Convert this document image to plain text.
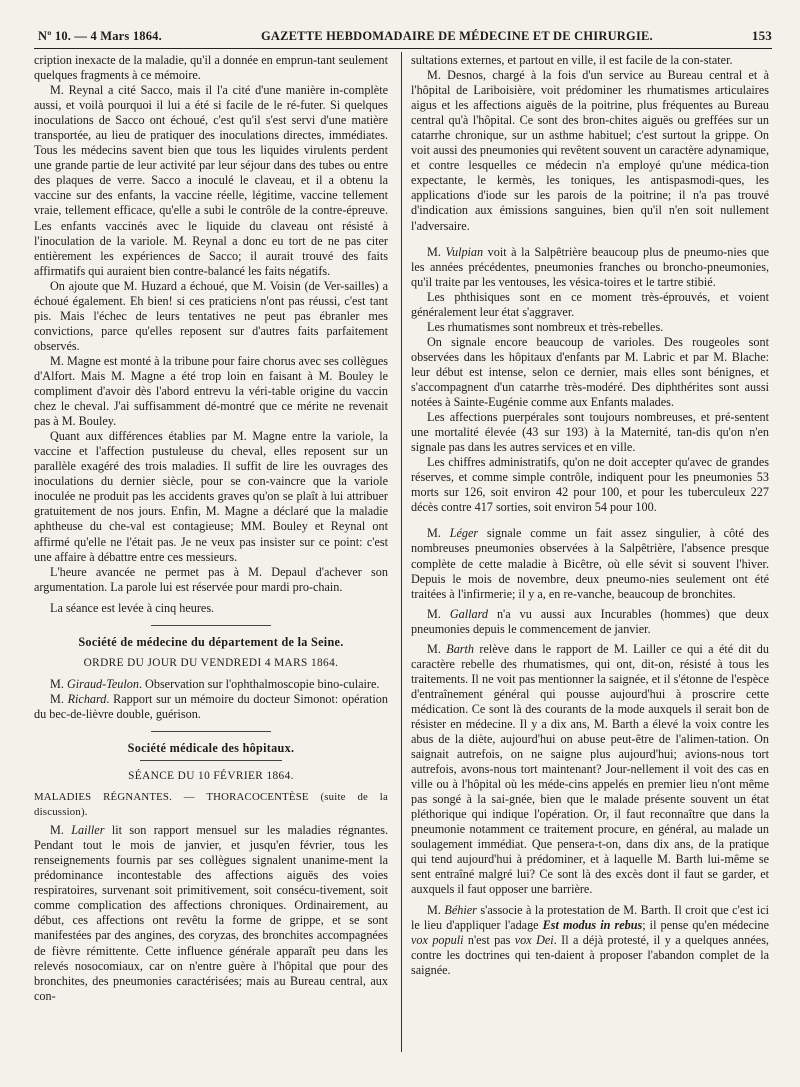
Nº 10. — 4 Mars 1864.	GAZETTE HEBDOMADAIRE DE MÉDECINE ET DE CHIRURGIE.	153

cription inexacte de la maladie, qu'il a donnée en emprun-tant seulement quelques fragments à ce mémoire.

M. Reynal a cité Sacco, mais il l'a cité d'une manière in-complète aussi, et voilà pourquoi il lui a été si facile de le ré-futer. Si quelques inoculations de Sacco ont échoué, c'est qu'il s'est servi d'une matière transportée, au lieu de pratiquer des inoculations directes, immédiates. Tous les médecins savent bien que tous les liquides virulents perdent une grande partie de leur activité par leur séjour dans des tubes ou entre des plaques de verre. Sacco a inoculé le claveau, et il a obtenu la vaccine sur des enfants, la vaccine réelle, légitime, vaccine tellement vraie, tellement efficace, qu'elle a subi le contrôle de la contre-épreuve. Les enfants vaccinés avec le liquide du claveau ont résisté à l'inoculation de la variole. M. Reynal a donc eu tort de ne pas citer entièrement les expériences de Sacco; il aurait trouvé des faits affirmatifs qui auraient bien contre-balancé les faits négatifs.

On ajoute que M. Huzard a échoué, que M. Voisin (de Ver-sailles) a échoué également. Eh bien! si ces praticiens n'ont pas réussi, c'est tant pis. Mais l'échec de leurs tentatives ne peut pas ébranler mes convictions, parce qu'elles reposent sur d'autres faits parfaitement observés.

M. Magne est monté à la tribune pour faire chorus avec ses collègues d'Alfort. Mais M. Magne a été trop loin en faisant à M. Bouley le compliment d'avoir dès l'abord entrevu la véri-table origine du vaccin chez le cheval. J'ai suffisamment dé-montré que ce mérite ne revenait pas à M. Bouley.

Quant aux différences établies par M. Magne entre la variole, la vaccine et l'affection pustuleuse du cheval, elles reposent sur un parallèle exagéré des trois maladies. Il suffit de lire les ouvrages des inoculations du dernier siècle, pour se con-vaincre que la variole inoculée ne produit pas les accidents graves qu'on se plaît à lui attribuer gratuitement de nos jours. Enfin, M. Magne a déclaré que la maladie aphtheuse du che-val est contagieuse; MM. Bouley et Reynal ont affirmé qu'elle ne l'était pas. Je ne veux pas insister sur ce point: c'est une affaire à débattre entre ces messieurs.

L'heure avancée ne permet pas à M. Depaul d'achever son argumentation. La parole lui est réservée pour mardi pro-chain.

La séance est levée à cinq heures.

Société de médecine du département de la Seine.
ORDRE DU JOUR DU VENDREDI 4 MARS 1864.

M. Giraud-Teulon. Observation sur l'ophthalmoscopie bino-culaire.

M. Richard. Rapport sur un mémoire du docteur Simonot: opération du bec-de-lièvre double, guérison.

Société médicale des hôpitaux.
SÉANCE DU 10 FÉVRIER 1864.
MALADIES RÉGNANTES. — THORACOCENTÈSE (suite de la discussion).

M. Lailler lit son rapport mensuel sur les maladies régnantes. Pendant tout le mois de janvier, et jusqu'en février, tous les renseignements fournis par ses collègues signalent unanime-ment la prédominance incontestable des affections aiguës des voies respiratoires, survenant soit primitivement, soit consécu-tivement, soit comme complication des affections chroniques. Ordinairement, au début, ces affections ont revêtu la forme de grippe, et se sont manifestées par des angines, des coryzas, des bronchites accompagnées de fièvre rémittente. Cette influence générale apparaît peu dans les relevés nosocomiaux, car on n'entre guère à l'hôpital que pour des bronchites, des pneumonies caractérisées; mais au Bureau central, aux con-

sultations externes, et partout en ville, il est facile de la con-stater.

M. Desnos, chargé à la fois d'un service au Bureau central et à l'hôpital de Lariboisière, voit prédominer les rhumatismes articulaires aigus et les affections aiguës de la poitrine, plus fréquentes au Bureau central qu'à l'hôpital. Ce sont des bron-chites aiguës ou greffées sur un catarrhe chronique, sur un asthme habituel; c'est surtout la grippe. On voit aussi des pneumonies qui revêtent souvent un caractère adynamique, et contre lesquelles ce médecin n'a employé qu'une médica-tion expectante, le kermès, les toniques, les antispasmodi-ques, les applications d'iode sur les parois de la poitrine; il n'a pas trouvé d'indication aux émissions sanguines, bien qu'il n'en soit nullement l'adversaire.

M. Vulpian voit à la Salpêtrière beaucoup plus de pneumo-nies que les années précédentes, pneumonies franches ou broncho-pneumonies, qu'il traite par les ventouses, les vésica-toires et le tartre stibié.

Les phthisiques sont en ce moment très-éprouvés, et voient généralement leur état s'aggraver.

Les rhumatismes sont nombreux et très-rebelles.

On signale encore beaucoup de varioles. Des rougeoles sont observées dans les hôpitaux d'enfants par M. Labric et par M. Blache: leur début est intense, selon ce dernier, mais elles sont bénignes, et s'accompagnent d'un catarrhe très-modéré. Des diphthérites sont aussi notées à Sainte-Eugénie comme aux Enfants malades.

Les affections puerpérales sont toujours nombreuses, et pré-sentent une mortalité élevée (43 sur 193) à la Maternité, tan-dis qu'on n'en signale pas dans les autres services et en ville.

Les chiffres administratifs, qu'on ne doit accepter qu'avec de grandes réserves, et comme simple contrôle, indiquent pour les pneumonies 53 morts sur 126, soit environ 42 pour 100, et pour les tuberculeux 227 décès contre 417 sorties, soit environ 54 pour 100.

M. Léger signale comme un fait assez singulier, à côté des nombreuses pneumonies observées à la Salpêtrière, l'absence presque complète de cette maladie à Bicêtre, où elle sévit si souvent l'hiver. Depuis le mois de novembre, deux pneumo-nies seulement ont été traitées à l'infirmerie; il y a, en re-vanche, beaucoup de bronchites.

M. Gallard n'a vu aussi aux Incurables (hommes) que deux pneumonies depuis le commencement de janvier.

M. Barth relève dans le rapport de M. Lailler ce qui a été dit du caractère rebelle des rhumatismes, qui ont, dit-on, résisté à tous les traitements. Il ne voit pas mentionner la saignée, et il s'étonne de l'espèce d'entraînement général qui pousse aujourd'hui à proscrire cette médication. Ce sont là des courants de la mode auxquels il serait bon de résister en médecine. Il y a dix ans, M. Barth a élevé la voix contre les abus de la diète, aujourd'hui on abuse peut-être de l'alimen-tation. On saignait autrefois, on ne saigne plus aujourd'hui; avions-nous tort autrefois, avons-nous tort maintenant? Jour-nellement il voit des cas en ville ou à l'hôpital où les méde-cins appelés en premier lieu n'ont même pas songé à la sai-gnée, bien que le malade présente souvent un état pléthorique qui indique l'opération. Or, il faut reconnaître que dans la pneumonie notamment ce traitement procure, en général, au malade un soulagement immédiat. Que pensera-t-on, dans dix ans, de la pratique qui tend aujourd'hui à prédominer, et à laquelle M. Barth lui-même se sent entraîné malgré lui? Ce sont là des excès dont il faut se garder, et auxquels il faut opposer une barrière.

M. Béhier s'associe à la protestation de M. Barth. Il croit que c'est ici le lieu d'appliquer l'adage Est modus in rebus; il pense qu'en médecine vox populi n'est pas vox Dei. Il a déjà protesté, il y a quelques années, contre les doctrines qui ten-daient à proposer l'abandon complet de la saignée.
